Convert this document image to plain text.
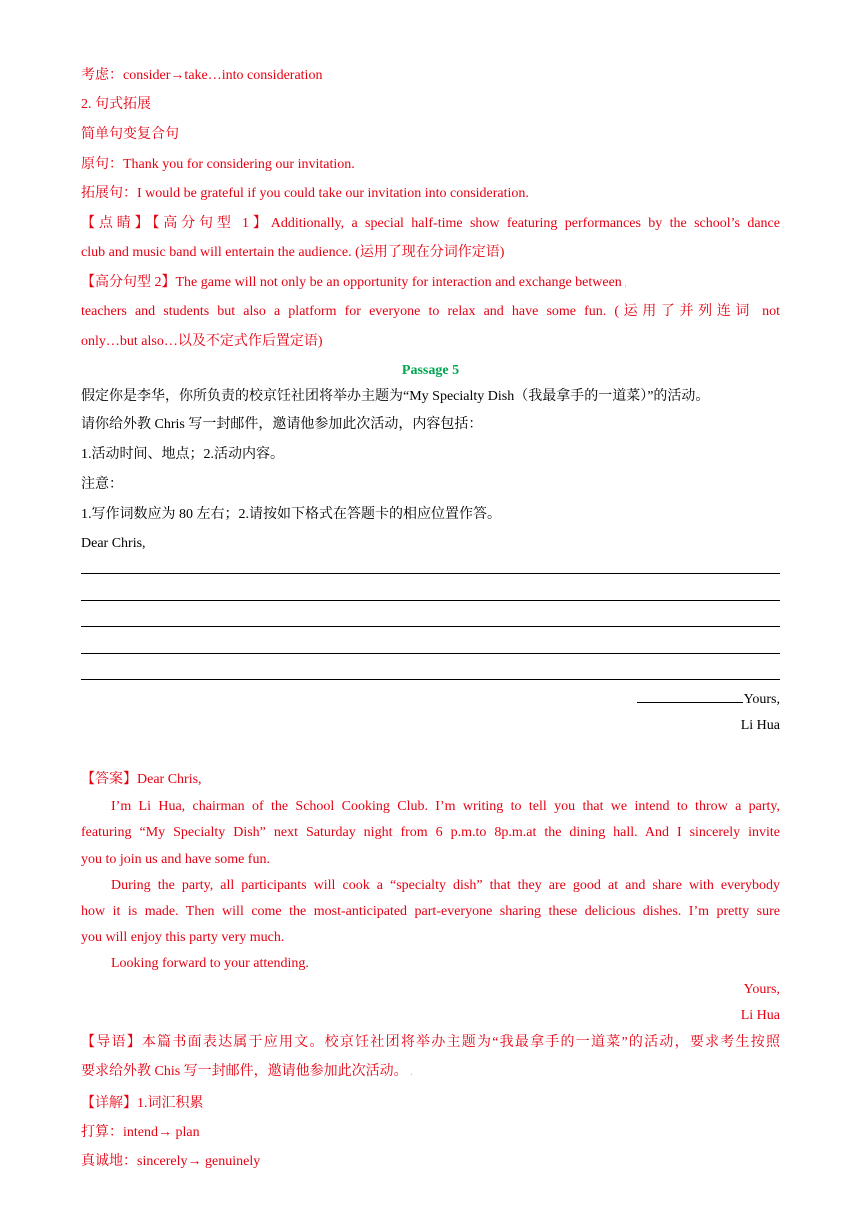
考虑：consider→take…into consideration
2. 句式拓展
简单句变复合句
原句：Thank you for considering our invitation.
拓展句：I would be grateful if you could take our invitation into consideration.
【点睛】【高分句型 1】Additionally, a special half-time show featuring performances by the school’s dance
club and music band will entertain the audience. (运用了现在分词作定语)
【高分句型 2】The game will not only be an opportunity for interaction and exchange between ,
teachers and students but also a platform for everyone to relax and have some fun. (运用了并列连词 not
only…but also…以及不定式作后置定语)
Passage 5
假定你是李华，你所负责的校京饪社团将举办主题为“My Specialty Dish（我最拿手的一道菜）”的活动。
请你给外教 Chris 写一封邮件，邀请他参加此次活动，内容包括：
1.活动时间、地点；2.活动内容。
注意：
1.写作词数应为 80 左右；2.请按如下格式在答题卡的相应位置作答。
Dear Chris,
Yours,
Li Hua
【答案】Dear Chris,
I’m Li Hua, chairman of the School Cooking Club. I’m writing to tell you that we intend to throw a party,
featuring “My Specialty Dish” next Saturday night from 6 p.m.to 8p.m.at the dining hall. And I sincerely invite
you to join us and have some fun.
During the party, all participants will cook a “specialty dish” that they are good at and share with everybody
how it is made. Then will come the most-anticipated part-everyone sharing these delicious dishes. I’m pretty sure
you will enjoy this party very much.
Looking forward to your attending.
Yours,
Li Hua
【导语】本篇书面表达属于应用文。校京饪社团将举办主题为“我最拿手的一道菜”的活动，要求考生按照
要求给外教 Chis 写一封邮件，邀请他参加此次活动。 .
【详解】1.词汇积累
打算：intend→ plan
真诚地：sincerely→ genuinely
